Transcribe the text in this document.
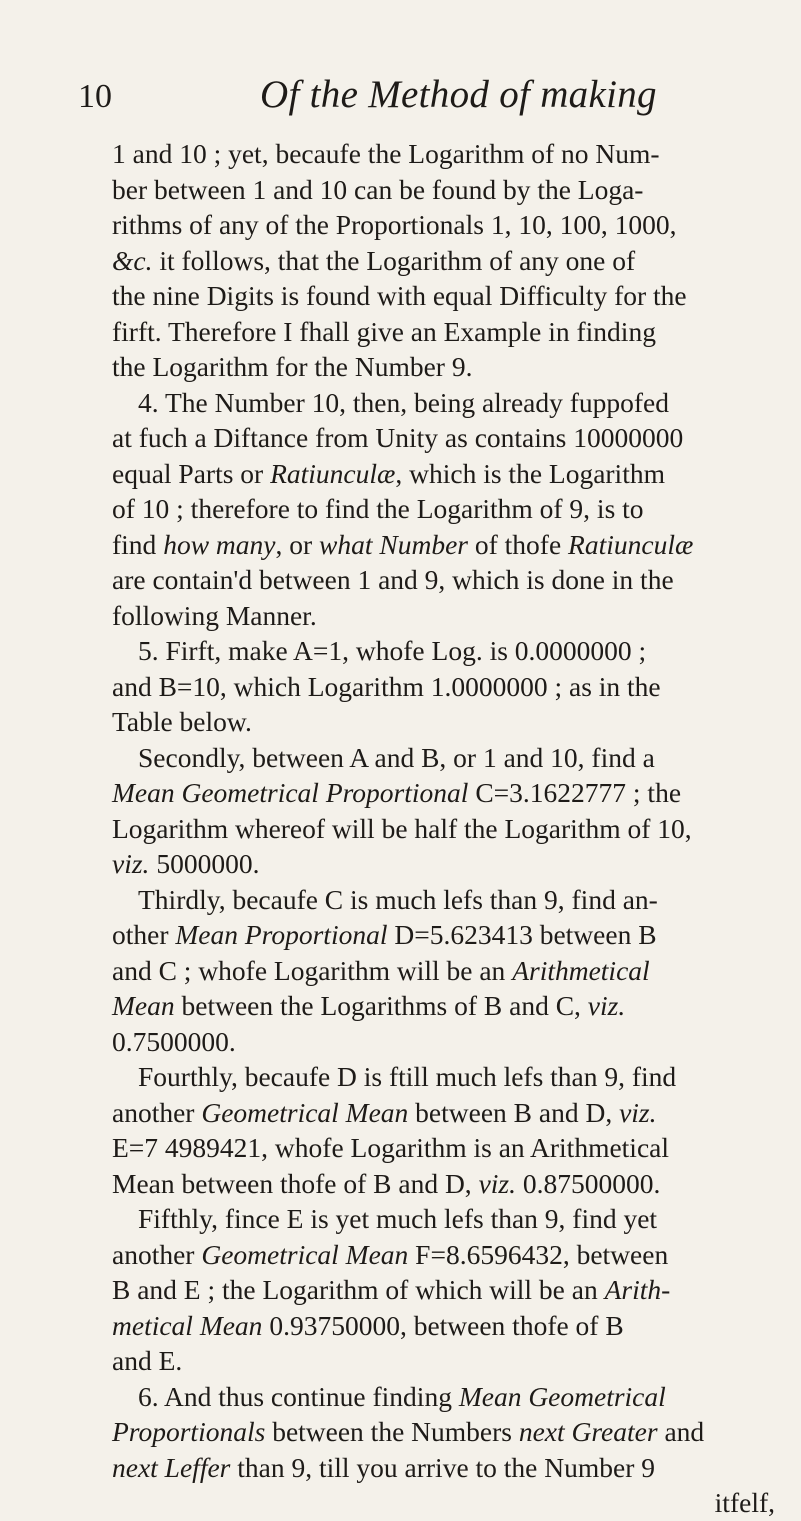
10	Of the Method of making
1 and 10 ; yet, becaufe the Logarithm of no Num-
ber between 1 and 10 can be found by the Loga-
rithms of any of the Proportionals 1, 10, 100, 1000,
&c. it follows, that the Logarithm of any one of
the nine Digits is found with equal Difficulty for the
firft. Therefore I fhall give an Example in finding
the Logarithm for the Number 9.
4. The Number 10, then, being already fuppofed
at fuch a Diftance from Unity as contains 10000000
equal Parts or Ratiunculæ, which is the Logarithm
of 10 ; therefore to find the Logarithm of 9, is to
find how many, or what Number of thofe Ratiunculæ
are contain'd between 1 and 9, which is done in the
following Manner.
5. Firft, make A=1, whofe Log. is 0.0000000 ;
and B=10, which Logarithm 1.0000000 ; as in the
Table below.
Secondly, between A and B, or 1 and 10, find a
Mean Geometrical Proportional C=3.1622777 ; the
Logarithm whereof will be half the Logarithm of 10,
viz. 5000000.
Thirdly, becaufe C is much lefs than 9, find an-
other Mean Proportional D=5.623413 between B
and C ; whofe Logarithm will be an Arithmetical
Mean between the Logarithms of B and C, viz.
0.7500000.
Fourthly, becaufe D is ftill much lefs than 9, find
another Geometrical Mean between B and D, viz.
E=7 4989421, whofe Logarithm is an Arithmetical
Mean between thofe of B and D, viz. 0.87500000.
Fifthly, fince E is yet much lefs than 9, find yet
another Geometrical Mean F=8.6596432, between
B and E ; the Logarithm of which will be an Arith-
metical Mean 0.93750000, between thofe of B
and E.
6. And thus continue finding Mean Geometrical
Proportionals between the Numbers next Greater and
next Leffer than 9, till you arrive to the Number 9
itfelf,
